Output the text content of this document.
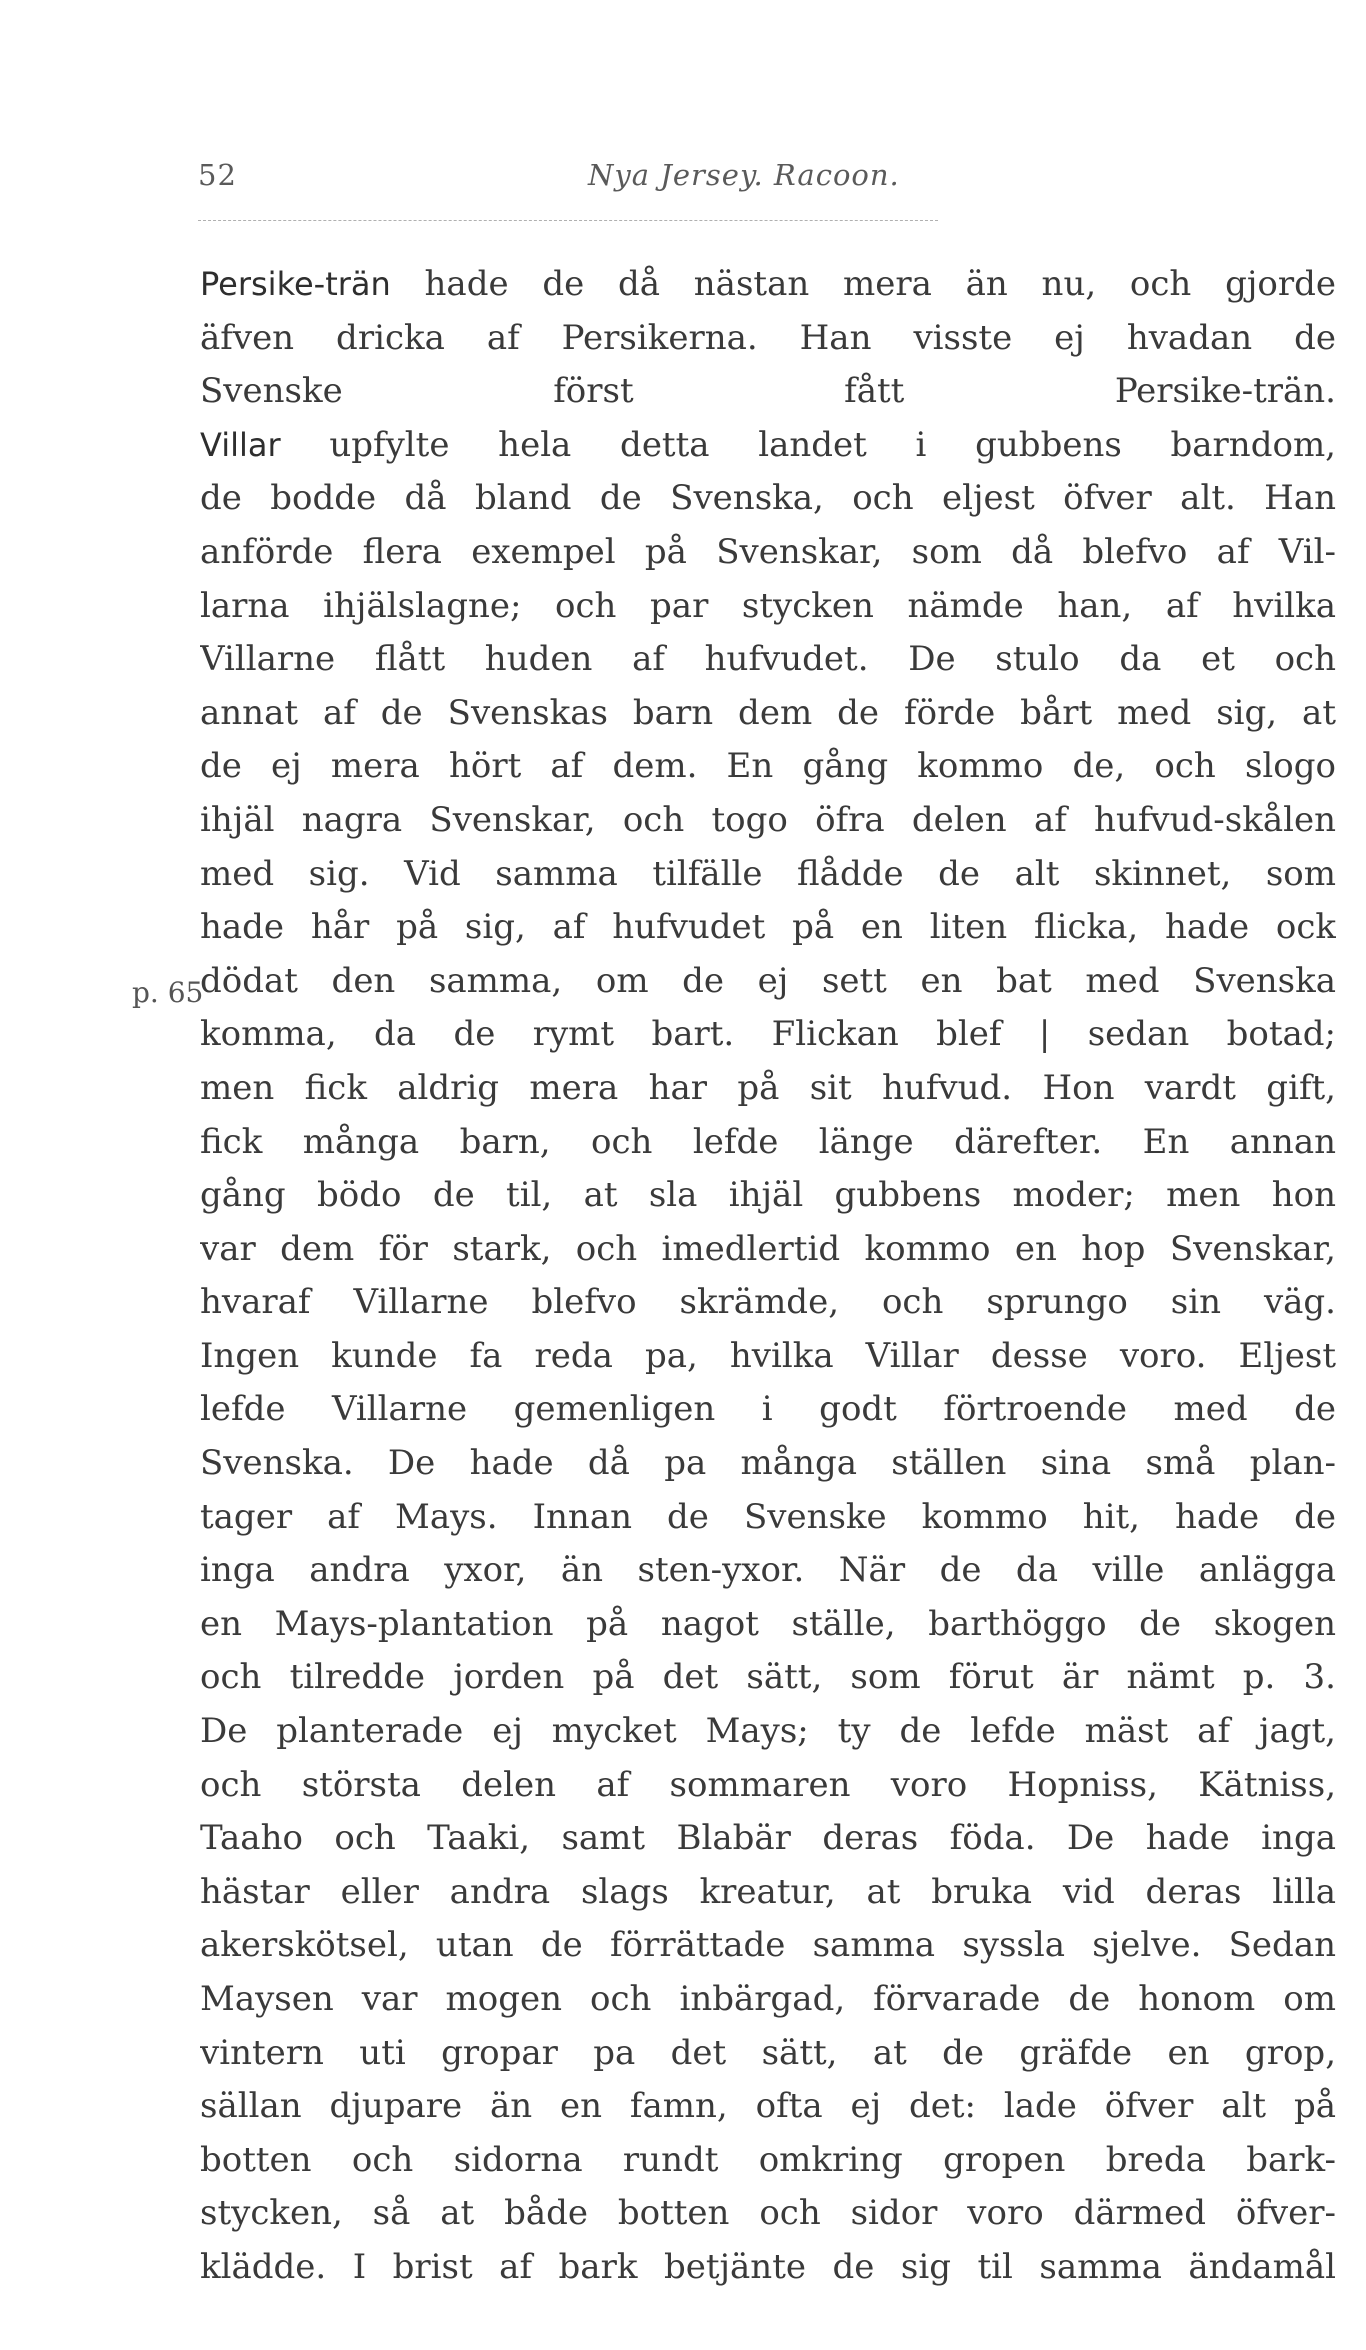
52	Nya Jersey. Racoon.
p. 65
Persike-trän hade de då nästan mera än nu, och gjorde
äfven dricka af Persikerna. Han visste ej hvadan de
Svenske först fått Persike-trän.
Villar upfylte hela detta landet i gubbens barndom,
de bodde då bland de Svenska, och eljest öfver alt. Han
anförde flera exempel på Svenskar, som då blefvo af Vil-
larna ihjälslagne; och par stycken nämde han, af hvilka
Villarne flått huden af hufvudet. De stulo da et och
annat af de Svenskas barn dem de förde bårt med sig, at
de ej mera hört af dem. En gång kommo de, och slogo
ihjäl nagra Svenskar, och togo öfra delen af hufvud-skålen
med sig. Vid samma tilfälle flådde de alt skinnet, som
hade hår på sig, af hufvudet på en liten flicka, hade ock
dödat den samma, om de ej sett en bat med Svenska
komma, da de rymt bart. Flickan blef | sedan botad;
men fick aldrig mera har på sit hufvud. Hon vardt gift,
fick många barn, och lefde länge därefter. En annan
gång bödo de til, at sla ihjäl gubbens moder; men hon
var dem för stark, och imedlertid kommo en hop Svenskar,
hvaraf Villarne blefvo skrämde, och sprungo sin väg.
Ingen kunde fa reda pa, hvilka Villar desse voro. Eljest
lefde Villarne gemenligen i godt förtroende med de
Svenska. De hade då pa många ställen sina små plan-
tager af Mays. Innan de Svenske kommo hit, hade de
inga andra yxor, än sten-yxor. När de da ville anlägga
en Mays-plantation på nagot ställe, barthöggo de skogen
och tilredde jorden på det sätt, som förut är nämt p. 3.
De planterade ej mycket Mays; ty de lefde mäst af jagt,
och största delen af sommaren voro Hopniss, Kätniss,
Taaho och Taaki, samt Blabär deras föda. De hade inga
hästar eller andra slags kreatur, at bruka vid deras lilla
akerskötsel, utan de förrättade samma syssla sjelve. Sedan
Maysen var mogen och inbärgad, förvarade de honom om
vintern uti gropar pa det sätt, at de gräfde en grop,
sällan djupare än en famn, ofta ej det: lade öfver alt på
botten och sidorna rundt omkring gropen breda bark-
stycken, så at både botten och sidor voro därmed öfver-
klädde. I brist af bark betjänte de sig til samma ändamål
